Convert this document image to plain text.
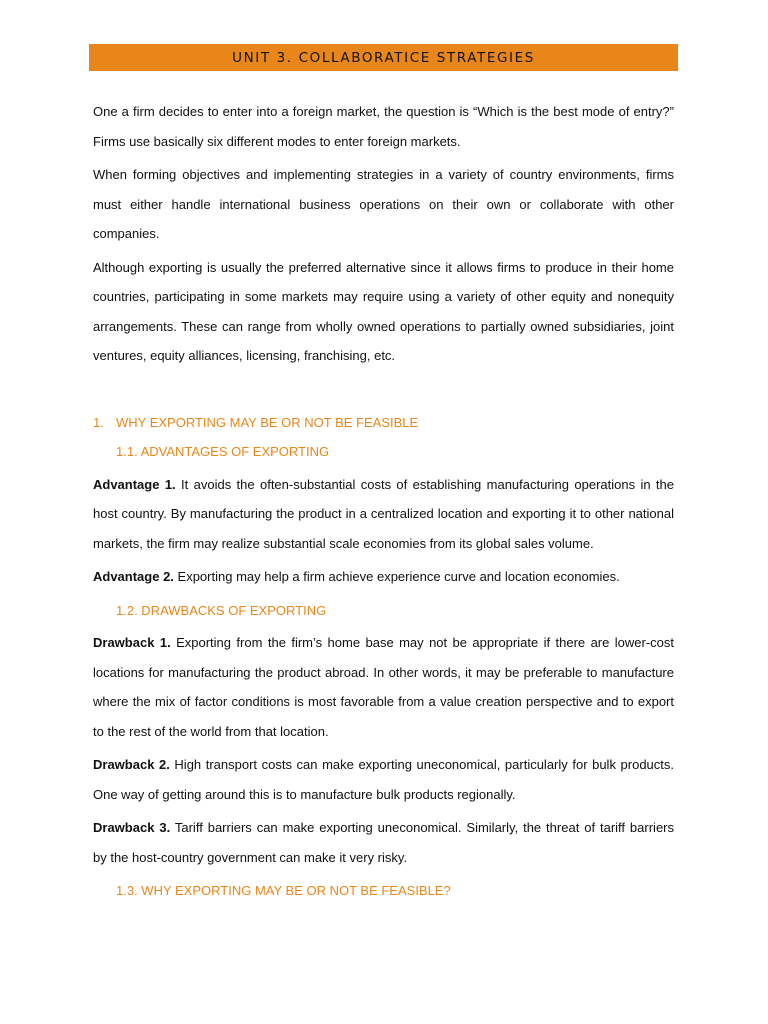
UNIT 3. COLLABORATICE STRATEGIES

One a firm decides to enter into a foreign market, the question is “Which is the best mode of entry?” Firms use basically six different modes to enter foreign markets.

When forming objectives and implementing strategies in a variety of country environments, firms must either handle international business operations on their own or collaborate with other companies.

Although exporting is usually the preferred alternative since it allows firms to produce in their home countries, participating in some markets may require using a variety of other equity and nonequity arrangements. These can range from wholly owned operations to partially owned subsidiaries, joint ventures, equity alliances, licensing, franchising, etc.

1. WHY EXPORTING MAY BE OR NOT BE FEASIBLE
1.1. ADVANTAGES OF EXPORTING

Advantage 1. It avoids the often-substantial costs of establishing manufacturing operations in the host country. By manufacturing the product in a centralized location and exporting it to other national markets, the firm may realize substantial scale economies from its global sales volume.

Advantage 2. Exporting may help a firm achieve experience curve and location economies.

1.2. DRAWBACKS OF EXPORTING

Drawback 1. Exporting from the firm’s home base may not be appropriate if there are lower-cost locations for manufacturing the product abroad. In other words, it may be preferable to manufacture where the mix of factor conditions is most favorable from a value creation perspective and to export to the rest of the world from that location.

Drawback 2. High transport costs can make exporting uneconomical, particularly for bulk products. One way of getting around this is to manufacture bulk products regionally.

Drawback 3. Tariff barriers can make exporting uneconomical. Similarly, the threat of tariff barriers by the host-country government can make it very risky.

1.3. WHY EXPORTING MAY BE OR NOT BE FEASIBLE?
